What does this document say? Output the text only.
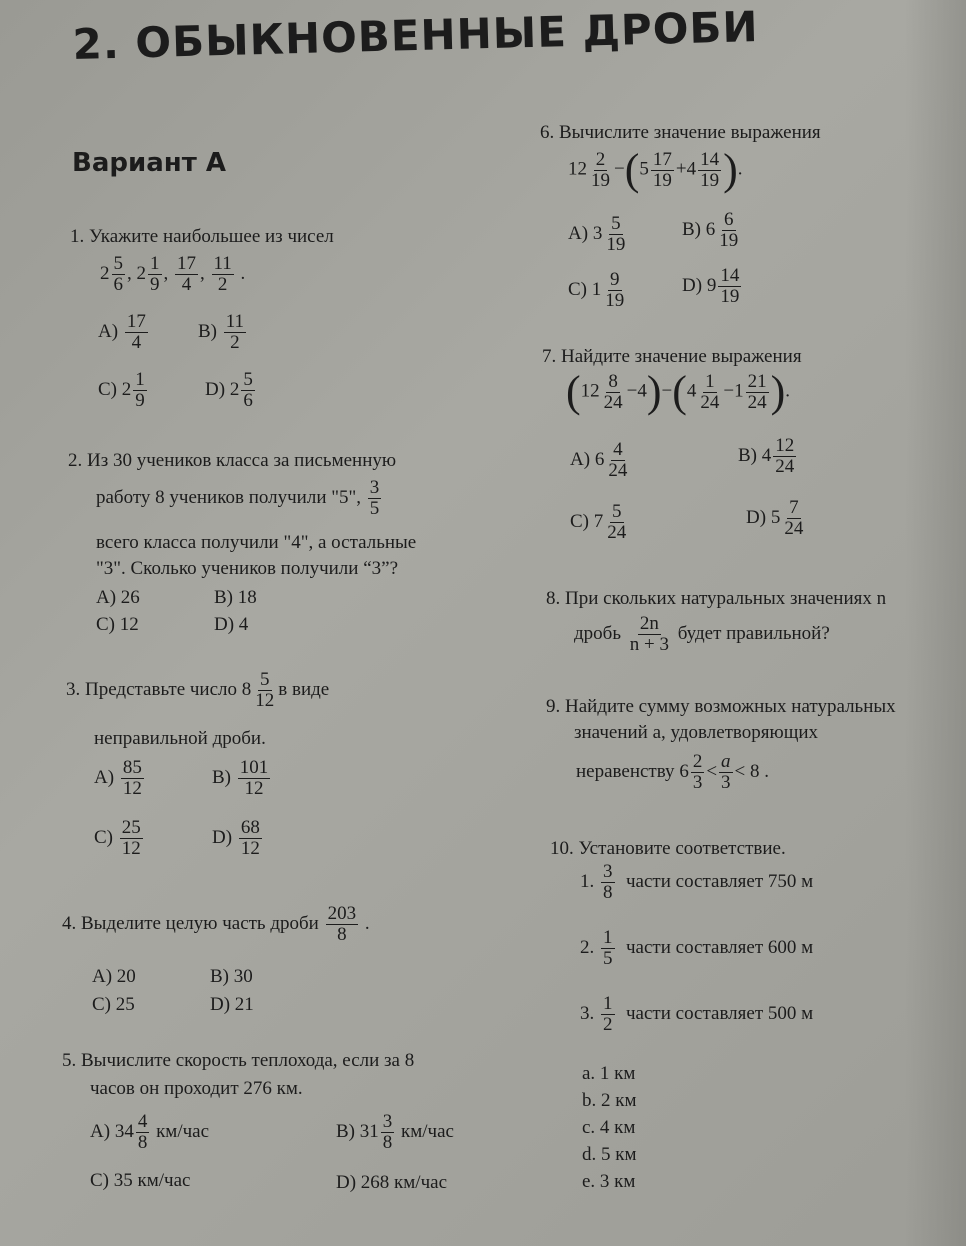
2. ОБЫКНОВЕННЫЕ ДРОБИ
Вариант А
1. Укажите наибольшее из чисел
$2 \frac{5}{6}$ , $2 \frac{1}{9}$ , $\frac{17}{4}$ , $\frac{11}{2}$ .
$A) \frac{17}{4}$	$B) \frac{11}{2}$
C) $2 \frac{1}{9}$	D) $2 \frac{5}{6}$
2. Из 30 учеников класса за письменную
работу 8 учеников получили "5", $\frac{3}{5}$
всего класса получили "4", а остальные
"3". Сколько учеников получили “3”?
A) 26	B) 18
C) 12	D) 4
3. Представьте число $8 \frac{5}{12}$ в виде
неправильной дроби.
$A) \frac{85}{12}$	$B) \frac{101}{12}$
$C) \frac{25}{12}$	$D) \frac{68}{12}$
4. Выделите целую часть дроби $\frac{203}{8}$ .
A) 20	B) 30
C) 25	D) 21
5. Вычислите скорость теплохода, если за 8
часов он проходит 276 км.
A) $34 \frac{4}{8} км/час$	B) $31 \frac{3}{8} км/час$
C) 35 км/час	D) 268 км/час
6. Вычислите значение выражения
$12 \frac{2}{19} -(5 \frac{17}{19} +4 \frac{14}{19}$ ).
A) $3 \frac{5}{19}$	B) $6 \frac{6}{19}$
C) $1 \frac{9}{19}$	D) $9 \frac{14}{19}$
7. Найдите значение выражения
$(12 \frac{8}{24} -4)-(4 \frac{1}{24} -1 \frac{21}{24}$ ).
A) $6 \frac{4}{24}$	B) $4 \frac{12}{24}$
C) $7 \frac{5}{24}$	D) $5 \frac{7}{24}$
8. При скольких натуральных значениях n
дробь $\frac{2n}{n + 3}$ будет правильной?
9. Найдите сумму возможных натуральных
значений a, удовлетворяющих
неравенству $6 \frac{2}{3} < \frac{a}{3} < 8$ .
10. Установите соответствие.
1. $\frac{3}{8}$ части составляет 750 м
2. $\frac{1}{5}$ части составляет 600 м
3. $\frac{1}{2}$ части составляет 500 м
a. 1 км
b. 2 км
c. 4 км
d. 5 км
e. 3 км
